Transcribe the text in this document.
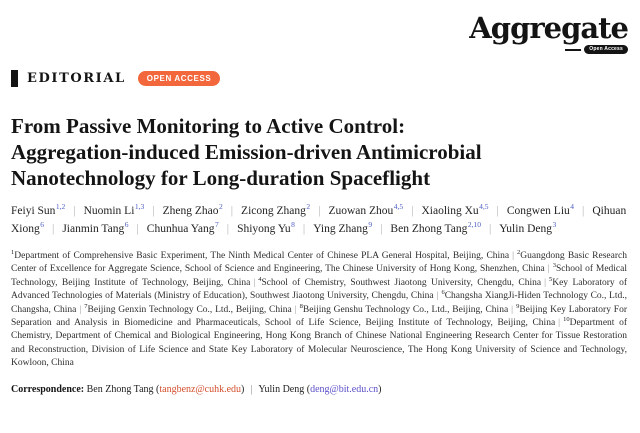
Aggregate
Open Access
EDITORIAL	OPEN ACCESS
From Passive Monitoring to Active Control:
Aggregation-induced Emission-driven Antimicrobial
Nanotechnology for Long-duration Spaceflight
Feiyi Sun$^{1,2}$ | Nuomin Li$^{1,3}$ | Zheng Zhao$^2$ | Zicong Zhang$^2$ | Zuowan Zhou$^{4,5}$ | Xiaoling Xu$^{4,5}$ | Congwen Liu$^4$ | Qihuan Xiong$^6$ | Jianmin Tang$^6$ | Chunhua Yang$^7$ | Shiyong Yu$^8$ | Ying Zhang$^9$ | Ben Zhong Tang$^{2,10}$ | Yulin Deng$^3$
$^1$Department of Comprehensive Basic Experiment, The Ninth Medical Center of Chinese PLA General Hospital, Beijing, China | $^2$Guangdong Basic Research Center of Excellence for Aggregate Science, School of Science and Engineering, The Chinese University of Hong Kong, Shenzhen, China | $^3$School of Medical Technology, Beijing Institute of Technology, Beijing, China | $^4$School of Chemistry, Southwest Jiaotong University, Chengdu, China | $^5$Key Laboratory of Advanced Technologies of Materials (Ministry of Education), Southwest Jiaotong University, Chengdu, China | $^6$Changsha XiangJi-Hiden Technology Co., Ltd., Changsha, China | $^7$Beijing Genxin Technology Co., Ltd., Beijing, China | $^8$Beijing Genshu Technology Co., Ltd., Beijing, China | $^9$Beijing Key Laboratory For Separation and Analysis in Biomedicine and Pharmaceuticals, School of Life Science, Beijing Institute of Technology, Beijing, China | $^{10}$Department of Chemistry, Department of Chemical and Biological Engineering, Hong Kong Branch of Chinese National Engineering Research Center for Tissue Restoration and Reconstruction, Division of Life Science and State Key Laboratory of Molecular Neuroscience, The Hong Kong University of Science and Technology, Kowloon, China
Correspondence: Ben Zhong Tang (tangbenz@cuhk.edu) | Yulin Deng (deng@bit.edu.cn)
